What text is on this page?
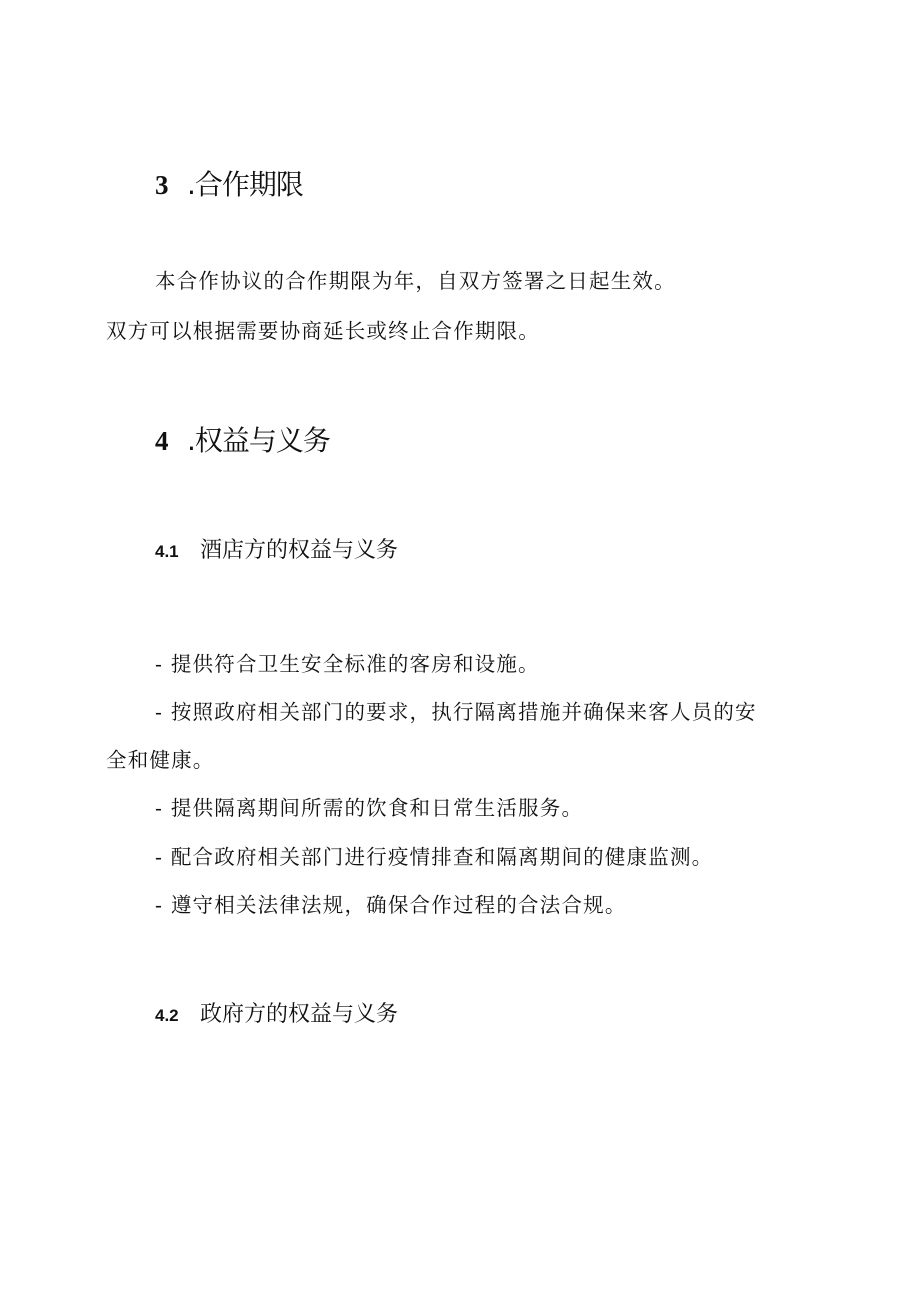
3 .合作期限

本合作协议的合作期限为年，自双方签署之日起生效。

双方可以根据需要协商延长或终止合作期限。

4 .权益与义务
4.1 酒店方的权益与义务

- 提供符合卫生安全标准的客房和设施。

- 按照政府相关部门的要求，执行隔离措施并确保来客人员的安

全和健康。

- 提供隔离期间所需的饮食和日常生活服务。

- 配合政府相关部门进行疫情排查和隔离期间的健康监测。

- 遵守相关法律法规，确保合作过程的合法合规。

4.2 政府方的权益与义务
